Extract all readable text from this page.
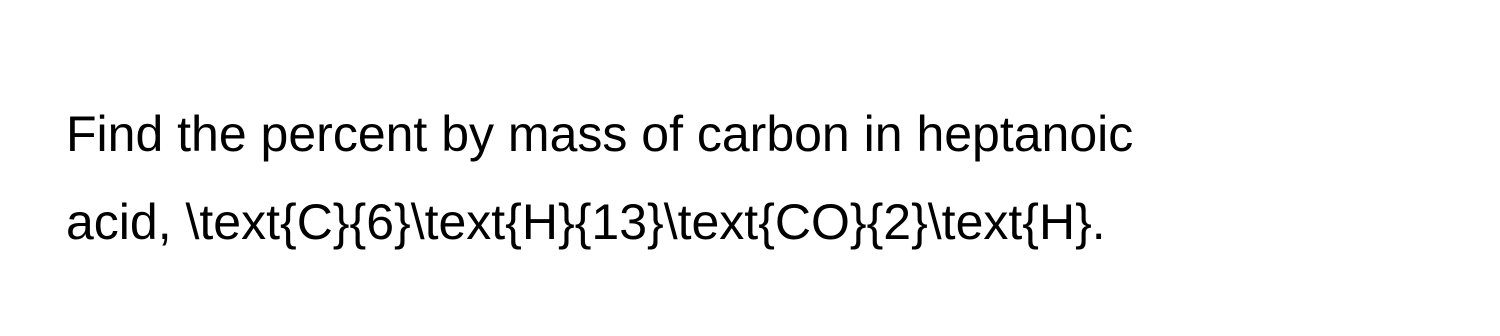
Find the percent by mass of carbon in heptanoic
acid, \text{C}{6}\text{H}{13}\text{CO}{2}\text{H}.
